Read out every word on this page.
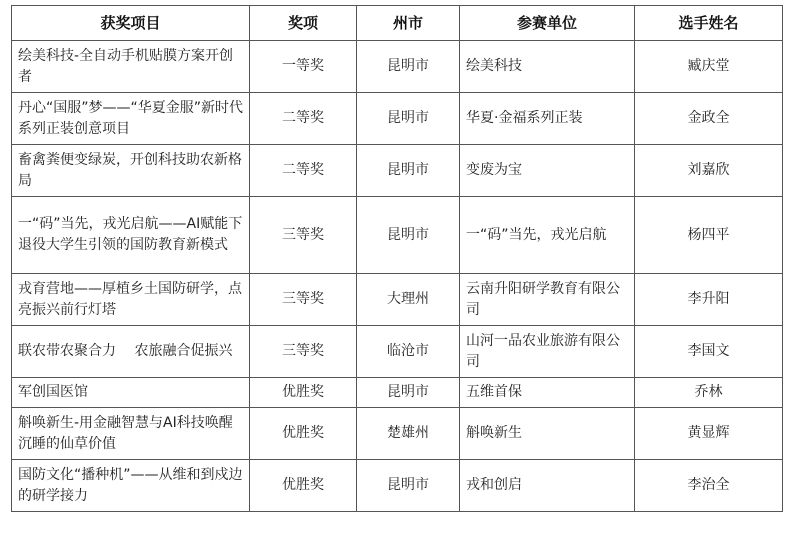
获奖项目	奖项	州市	参赛单位	选手姓名
绘美科技-全自动手机贴膜方案开创者	一等奖	昆明市	绘美科技	臧庆堂
丹心“国服”梦——“华夏金服”新时代系列正装创意项目	二等奖	昆明市	华夏·金福系列正装	金政全
畜禽粪便变绿炭，开创科技助农新格局	二等奖	昆明市	变废为宝	刘嘉欣
一“码”当先，戎光启航——AI赋能下退役大学生引领的国防教育新模式	三等奖	昆明市	一“码”当先，戎光启航	杨四平
戎育营地——厚植乡土国防研学，点亮振兴前行灯塔	三等奖	大理州	云南升阳研学教育有限公司	李升阳
联农带农聚合力　 农旅融合促振兴	三等奖	临沧市	山河一品农业旅游有限公司	李国文
军创国医馆	优胜奖	昆明市	五维首保	乔林
斛唤新生-用金融智慧与AI科技唤醒沉睡的仙草价值	优胜奖	楚雄州	斛唤新生	黄显辉
国防文化“播种机”——从维和到戍边的研学接力	优胜奖	昆明市	戎和创启	李治全
